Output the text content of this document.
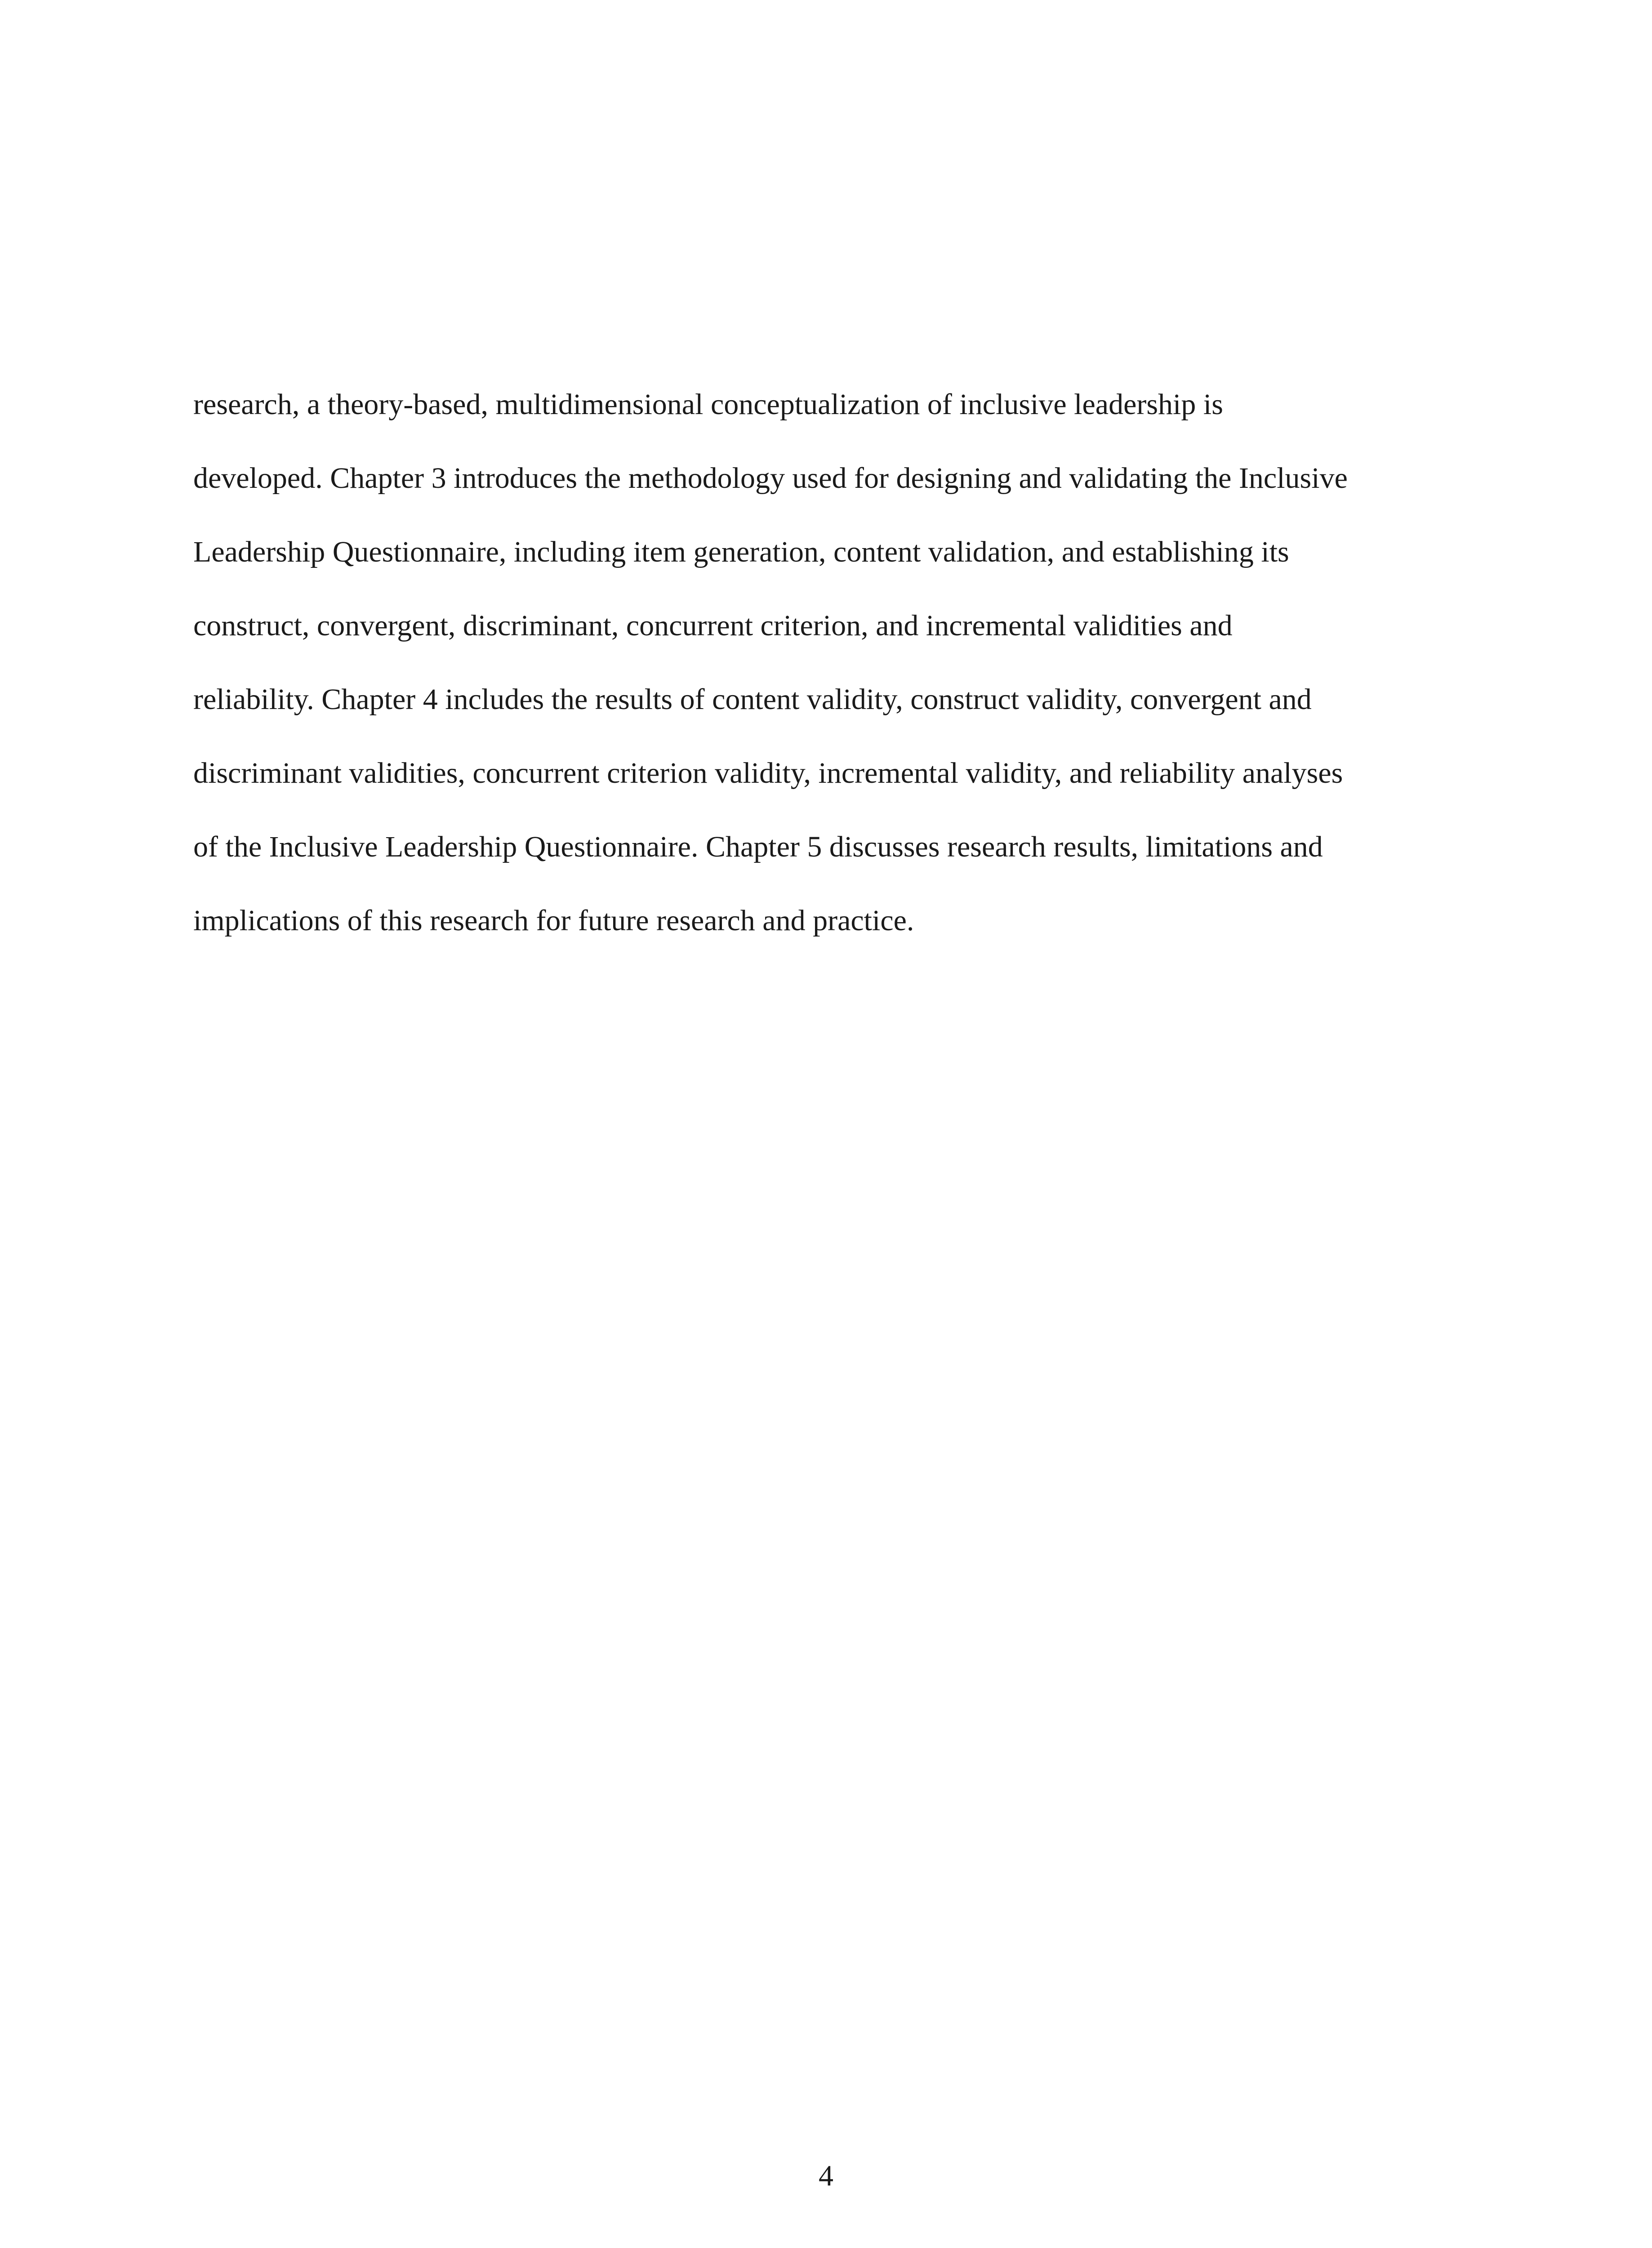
research, a theory-based, multidimensional conceptualization of inclusive leadership is
developed. Chapter 3 introduces the methodology used for designing and validating the Inclusive
Leadership Questionnaire, including item generation, content validation, and establishing its
construct, convergent, discriminant, concurrent criterion, and incremental validities and
reliability. Chapter 4 includes the results of content validity, construct validity, convergent and
discriminant validities, concurrent criterion validity, incremental validity, and reliability analyses
of the Inclusive Leadership Questionnaire. Chapter 5 discusses research results, limitations and
implications of this research for future research and practice.
4
